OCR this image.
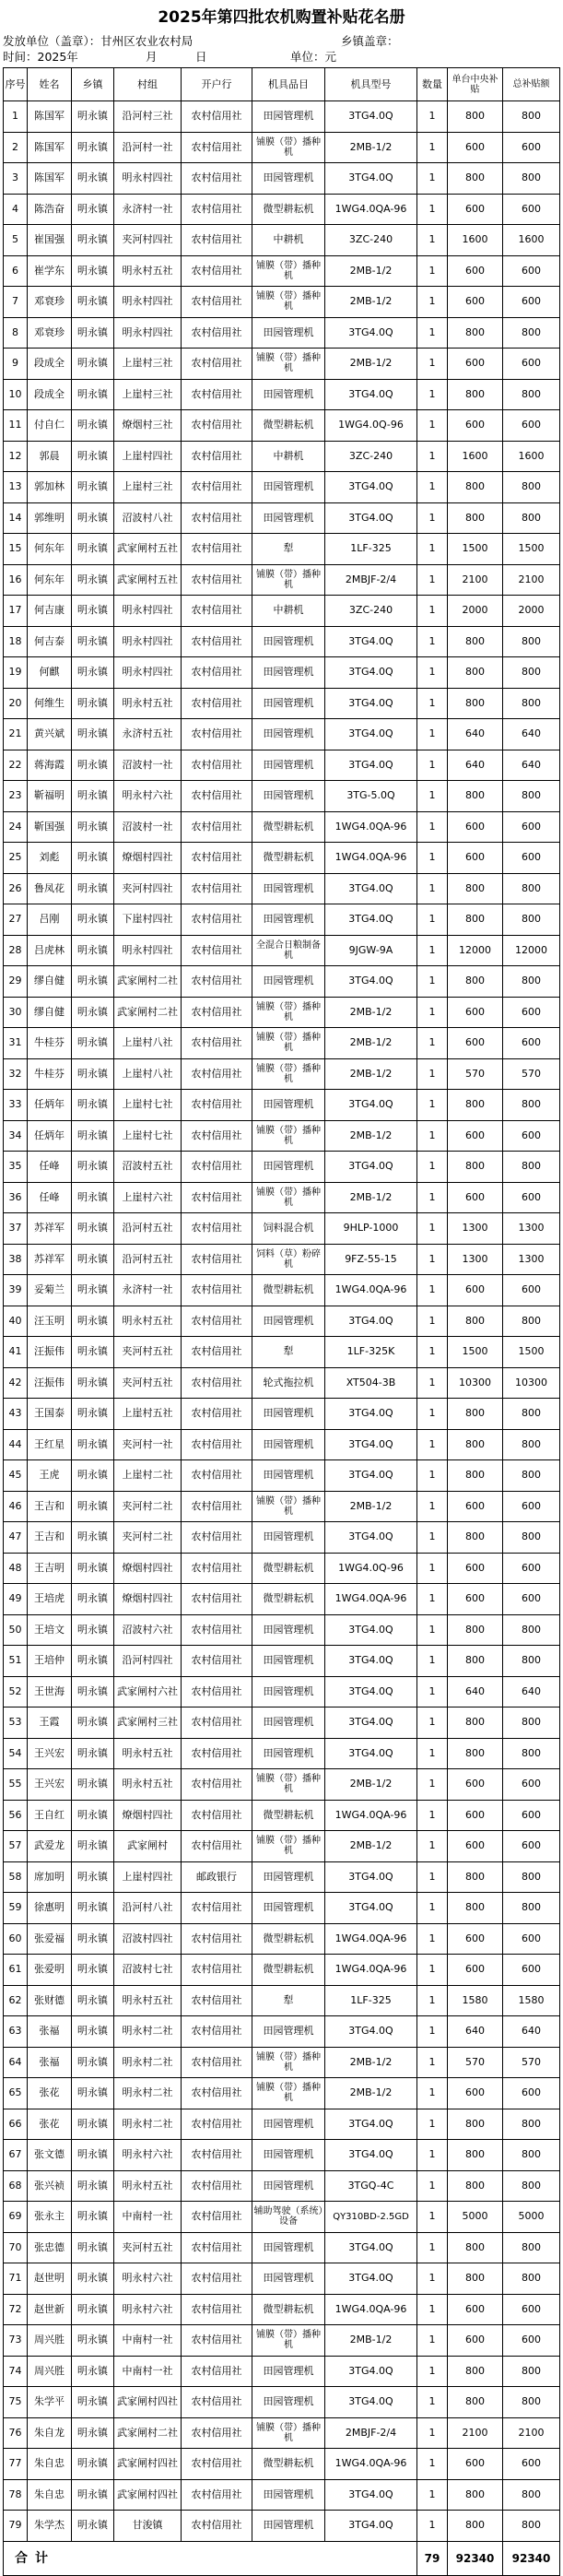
2025年第四批农机购置补贴花名册
发放单位（盖章）：甘州区农业农村局	乡镇盖章：
时间：2025年	月	日	单位：元
序号	姓名	乡镇	村组	开户行	机具品目	机具型号	数量	单台中央补贴	总补贴额
1	陈国军	明永镇	沿河村三社	农村信用社	田园管理机	3TG4.0Q	1	800	800
2	陈国军	明永镇	沿河村一社	农村信用社	铺膜（带）播种机	2MB-1/2	1	600	600
3	陈国军	明永镇	明永村四社	农村信用社	田园管理机	3TG4.0Q	1	800	800
4	陈浩奋	明永镇	永济村一社	农村信用社	微型耕耘机	1WG4.0QA-96	1	600	600
5	崔国强	明永镇	夹河村四社	农村信用社	中耕机	3ZC-240	1	1600	1600
6	崔学东	明永镇	明永村五社	农村信用社	铺膜（带）播种机	2MB-1/2	1	600	600
7	邓衰珍	明永镇	明永村四社	农村信用社	铺膜（带）播种机	2MB-1/2	1	600	600
8	邓衰珍	明永镇	明永村四社	农村信用社	田园管理机	3TG4.0Q	1	800	800
9	段成全	明永镇	上崖村三社	农村信用社	铺膜（带）播种机	2MB-1/2	1	600	600
10	段成全	明永镇	上崖村三社	农村信用社	田园管理机	3TG4.0Q	1	800	800
11	付自仁	明永镇	燎烟村三社	农村信用社	微型耕耘机	1WG4.0Q-96	1	600	600
12	郭晨	明永镇	上崖村四社	农村信用社	中耕机	3ZC-240	1	1600	1600
13	郭加林	明永镇	上崖村三社	农村信用社	田园管理机	3TG4.0Q	1	800	800
14	郭维明	明永镇	沼波村八社	农村信用社	田园管理机	3TG4.0Q	1	800	800
15	何东年	明永镇	武家闸村五社	农村信用社	犁	1LF-325	1	1500	1500
16	何东年	明永镇	武家闸村五社	农村信用社	铺膜（带）播种机	2MBJF-2/4	1	2100	2100
17	何吉康	明永镇	明永村四社	农村信用社	中耕机	3ZC-240	1	2000	2000
18	何吉泰	明永镇	明永村四社	农村信用社	田园管理机	3TG4.0Q	1	800	800
19	何麒	明永镇	明永村四社	农村信用社	田园管理机	3TG4.0Q	1	800	800
20	何维生	明永镇	明永村五社	农村信用社	田园管理机	3TG4.0Q	1	800	800
21	黄兴斌	明永镇	永济村五社	农村信用社	田园管理机	3TG4.0Q	1	640	640
22	蒋海霞	明永镇	沼波村一社	农村信用社	田园管理机	3TG4.0Q	1	640	640
23	靳福明	明永镇	明永村六社	农村信用社	田园管理机	3TG-5.0Q	1	800	800
24	靳国强	明永镇	沼波村一社	农村信用社	微型耕耘机	1WG4.0QA-96	1	600	600
25	刘彪	明永镇	燎烟村四社	农村信用社	微型耕耘机	1WG4.0QA-96	1	600	600
26	鲁凤花	明永镇	夹河村四社	农村信用社	田园管理机	3TG4.0Q	1	800	800
27	吕刚	明永镇	下崖村四社	农村信用社	田园管理机	3TG4.0Q	1	800	800
28	吕虎林	明永镇	明永村四社	农村信用社	全混合日粮制备机	9JGW-9A	1	12000	12000
29	缪自健	明永镇	武家闸村二社	农村信用社	田园管理机	3TG4.0Q	1	800	800
30	缪自健	明永镇	武家闸村二社	农村信用社	铺膜（带）播种机	2MB-1/2	1	600	600
31	牛桂芬	明永镇	上崖村八社	农村信用社	铺膜（带）播种机	2MB-1/2	1	600	600
32	牛桂芬	明永镇	上崖村八社	农村信用社	铺膜（带）播种机	2MB-1/2	1	570	570
33	任炳年	明永镇	上崖村七社	农村信用社	田园管理机	3TG4.0Q	1	800	800
34	任炳年	明永镇	上崖村七社	农村信用社	铺膜（带）播种机	2MB-1/2	1	600	600
35	任峰	明永镇	沼波村五社	农村信用社	田园管理机	3TG4.0Q	1	800	800
36	任峰	明永镇	上崖村六社	农村信用社	铺膜（带）播种机	2MB-1/2	1	600	600
37	苏祥军	明永镇	沿河村五社	农村信用社	饲料混合机	9HLP-1000	1	1300	1300
38	苏祥军	明永镇	沿河村五社	农村信用社	饲料（草）粉碎机	9FZ-55-15	1	1300	1300
39	妥菊兰	明永镇	永济村一社	农村信用社	微型耕耘机	1WG4.0QA-96	1	600	600
40	汪玉明	明永镇	明永村五社	农村信用社	田园管理机	3TG4.0Q	1	800	800
41	汪振伟	明永镇	夹河村五社	农村信用社	犁	1LF-325K	1	1500	1500
42	汪振伟	明永镇	夹河村五社	农村信用社	轮式拖拉机	XT504-3B	1	10300	10300
43	王国泰	明永镇	上崖村五社	农村信用社	田园管理机	3TG4.0Q	1	800	800
44	王红星	明永镇	夹河村一社	农村信用社	田园管理机	3TG4.0Q	1	800	800
45	王虎	明永镇	上崖村二社	农村信用社	田园管理机	3TG4.0Q	1	800	800
46	王吉和	明永镇	夹河村二社	农村信用社	铺膜（带）播种机	2MB-1/2	1	600	600
47	王吉和	明永镇	夹河村二社	农村信用社	田园管理机	3TG4.0Q	1	800	800
48	王吉明	明永镇	燎烟村四社	农村信用社	微型耕耘机	1WG4.0Q-96	1	600	600
49	王培虎	明永镇	燎烟村四社	农村信用社	微型耕耘机	1WG4.0QA-96	1	600	600
50	王培文	明永镇	沼波村六社	农村信用社	田园管理机	3TG4.0Q	1	800	800
51	王培仲	明永镇	沿河村四社	农村信用社	田园管理机	3TG4.0Q	1	800	800
52	王世海	明永镇	武家闸村六社	农村信用社	田园管理机	3TG4.0Q	1	640	640
53	王霞	明永镇	武家闸村三社	农村信用社	田园管理机	3TG4.0Q	1	800	800
54	王兴宏	明永镇	明永村五社	农村信用社	田园管理机	3TG4.0Q	1	800	800
55	王兴宏	明永镇	明永村五社	农村信用社	铺膜（带）播种机	2MB-1/2	1	600	600
56	王自红	明永镇	燎烟村四社	农村信用社	微型耕耘机	1WG4.0QA-96	1	600	600
57	武爱龙	明永镇	武家闸村	农村信用社	铺膜（带）播种机	2MB-1/2	1	600	600
58	席加明	明永镇	上崖村四社	邮政银行	田园管理机	3TG4.0Q	1	800	800
59	徐惠明	明永镇	沿河村八社	农村信用社	田园管理机	3TG4.0Q	1	800	800
60	张爱福	明永镇	沼波村四社	农村信用社	微型耕耘机	1WG4.0QA-96	1	600	600
61	张爱明	明永镇	沼波村七社	农村信用社	微型耕耘机	1WG4.0QA-96	1	600	600
62	张财德	明永镇	明永村五社	农村信用社	犁	1LF-325	1	1580	1580
63	张福	明永镇	明永村二社	农村信用社	田园管理机	3TG4.0Q	1	640	640
64	张福	明永镇	明永村二社	农村信用社	铺膜（带）播种机	2MB-1/2	1	570	570
65	张花	明永镇	明永村二社	农村信用社	铺膜（带）播种机	2MB-1/2	1	600	600
66	张花	明永镇	明永村二社	农村信用社	田园管理机	3TG4.0Q	1	800	800
67	张文德	明永镇	明永村六社	农村信用社	田园管理机	3TG4.0Q	1	800	800
68	张兴祯	明永镇	明永村五社	农村信用社	田园管理机	3TGQ-4C	1	800	800
69	张永主	明永镇	中南村一社	农村信用社	辅助驾驶（系统）设备	QY310BD-2.5GD	1	5000	5000
70	张忠德	明永镇	夹河村五社	农村信用社	田园管理机	3TG4.0Q	1	800	800
71	赵世明	明永镇	明永村六社	农村信用社	田园管理机	3TG4.0Q	1	800	800
72	赵世新	明永镇	明永村六社	农村信用社	微型耕耘机	1WG4.0QA-96	1	600	600
73	周兴胜	明永镇	中南村一社	农村信用社	铺膜（带）播种机	2MB-1/2	1	600	600
74	周兴胜	明永镇	中南村一社	农村信用社	田园管理机	3TG4.0Q	1	800	800
75	朱学平	明永镇	武家闸村四社	农村信用社	田园管理机	3TG4.0Q	1	800	800
76	朱自龙	明永镇	武家闸村二社	农村信用社	铺膜（带）播种机	2MBJF-2/4	1	2100	2100
77	朱自忠	明永镇	武家闸村四社	农村信用社	微型耕耘机	1WG4.0QA-96	1	600	600
78	朱自忠	明永镇	武家闸村四社	农村信用社	田园管理机	3TG4.0Q	1	800	800
79	朱学杰	明永镇	甘浚镇	农村信用社	田园管理机	3TG4.0Q	1	800	800
合计							79	92340	92340
